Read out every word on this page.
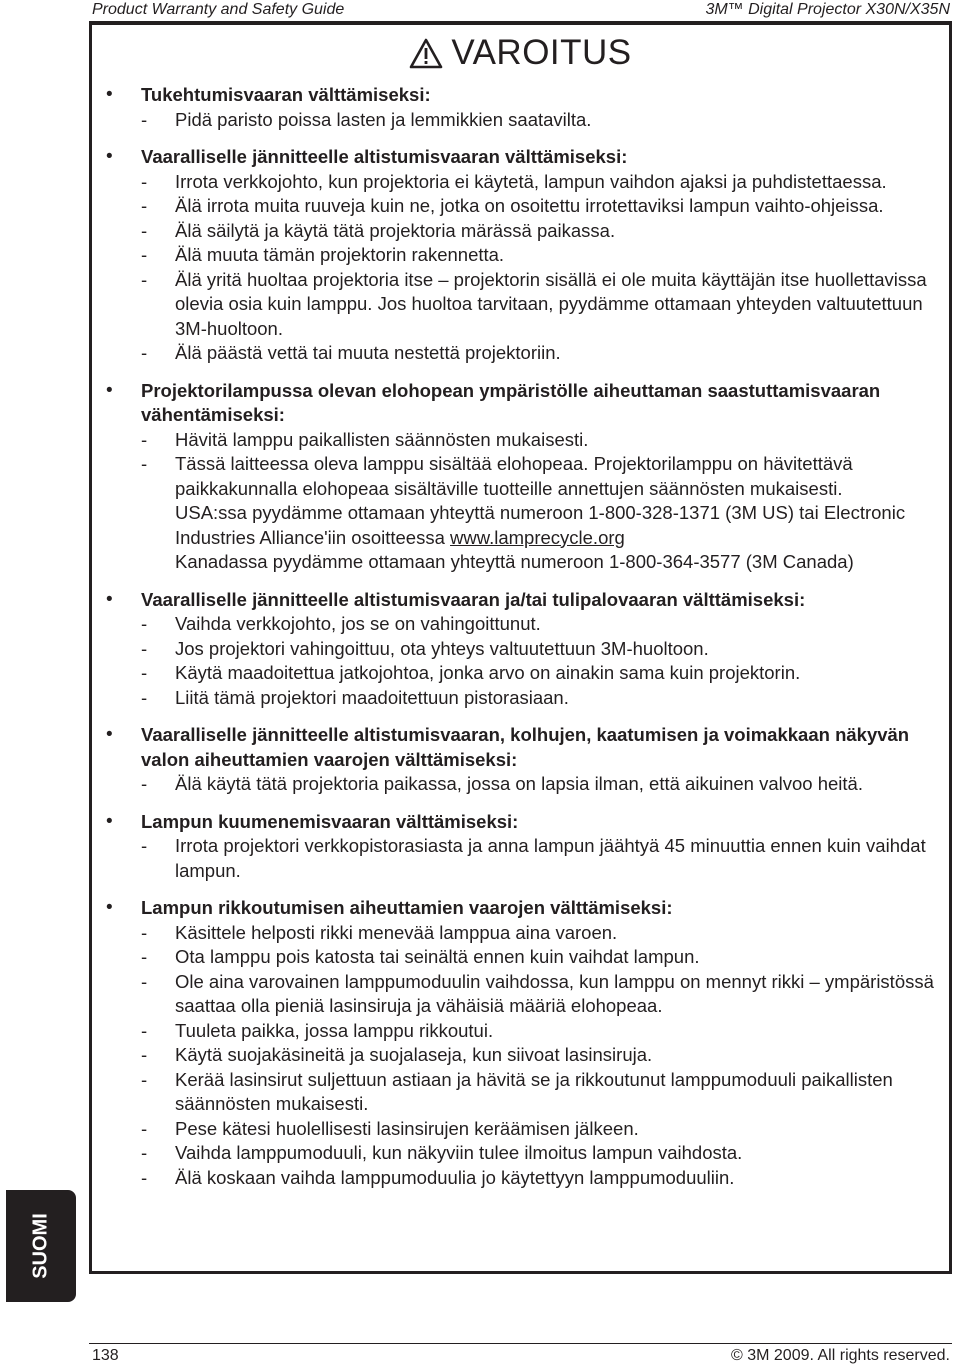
Product Warranty and Safety Guide	3M™ Digital Projector X30N/X35N
VAROITUS
• Tukehtumisvaaran välttämiseksi:
- Pidä paristo poissa lasten ja lemmikkien saatavilta.
• Vaaralliselle jännitteelle altistumisvaaran välttämiseksi:
- Irrota verkkojohto, kun projektoria ei käytetä, lampun vaihdon ajaksi ja puhdistettaessa.
- Älä irrota muita ruuveja kuin ne, jotka on osoitettu irrotettaviksi lampun vaihto-ohjeissa.
- Älä säilytä ja käytä tätä projektoria märässä paikassa.
- Älä muuta tämän projektorin rakennetta.
- Älä yritä huoltaa projektoria itse – projektorin sisällä ei ole muita käyttäjän itse huollettavissa olevia osia kuin lamppu. Jos huoltoa tarvitaan, pyydämme ottamaan yhteyden valtuutettuun 3M-huoltoon.
- Älä päästä vettä tai muuta nestettä projektoriin.
• Projektorilampussa olevan elohopean ympäristölle aiheuttaman saastuttamisvaaran vähentämiseksi:
- Hävitä lamppu paikallisten säännösten mukaisesti.
- Tässä laitteessa oleva lamppu sisältää elohopeaa. Projektorilamppu on hävitettävä paikkakunnalla elohopeaa sisältäville tuotteille annettujen säännösten mukaisesti.
USA:ssa pyydämme ottamaan yhteyttä numeroon 1-800-328-1371 (3M US) tai Electronic Industries Alliance'iin osoitteessa www.lamprecycle.org
Kanadassa pyydämme ottamaan yhteyttä numeroon 1-800-364-3577 (3M Canada)
• Vaaralliselle jännitteelle altistumisvaaran ja/tai tulipalovaaran välttämiseksi:
- Vaihda verkkojohto, jos se on vahingoittunut.
- Jos projektori vahingoittuu, ota yhteys valtuutettuun 3M-huoltoon.
- Käytä maadoitettua jatkojohtoa, jonka arvo on ainakin sama kuin projektorin.
- Liitä tämä projektori maadoitettuun pistorasiaan.
• Vaaralliselle jännitteelle altistumisvaaran, kolhujen, kaatumisen ja voimakkaan näkyvän valon aiheuttamien vaarojen välttämiseksi:
- Älä käytä tätä projektoria paikassa, jossa on lapsia ilman, että aikuinen valvoo heitä.
• Lampun kuumenemisvaaran välttämiseksi:
- Irrota projektori verkkopistorasiasta ja anna lampun jäähtyä 45 minuuttia ennen kuin vaihdat lampun.
• Lampun rikkoutumisen aiheuttamien vaarojen välttämiseksi:
- Käsittele helposti rikki menevää lamppua aina varoen.
- Ota lamppu pois katosta tai seinältä ennen kuin vaihdat lampun.
- Ole aina varovainen lamppumoduulin vaihdossa, kun lamppu on mennyt rikki – ympäristössä saattaa olla pieniä lasinsiruja ja vähäisiä määriä elohopeaa.
- Tuuleta paikka, jossa lamppu rikkoutui.
- Käytä suojakäsineitä ja suojalaseja, kun siivoat lasinsiruja.
- Kerää lasinsirut suljettuun astiaan ja hävitä se ja rikkoutunut lamppumoduuli paikallisten säännösten mukaisesti.
- Pese kätesi huolellisesti lasinsirujen keräämisen jälkeen.
- Vaihda lamppumoduuli, kun näkyviin tulee ilmoitus lampun vaihdosta.
- Älä koskaan vaihda lamppumoduulia jo käytettyyn lamppumoduuliin.
SUOMI
138	© 3M 2009. All rights reserved.
